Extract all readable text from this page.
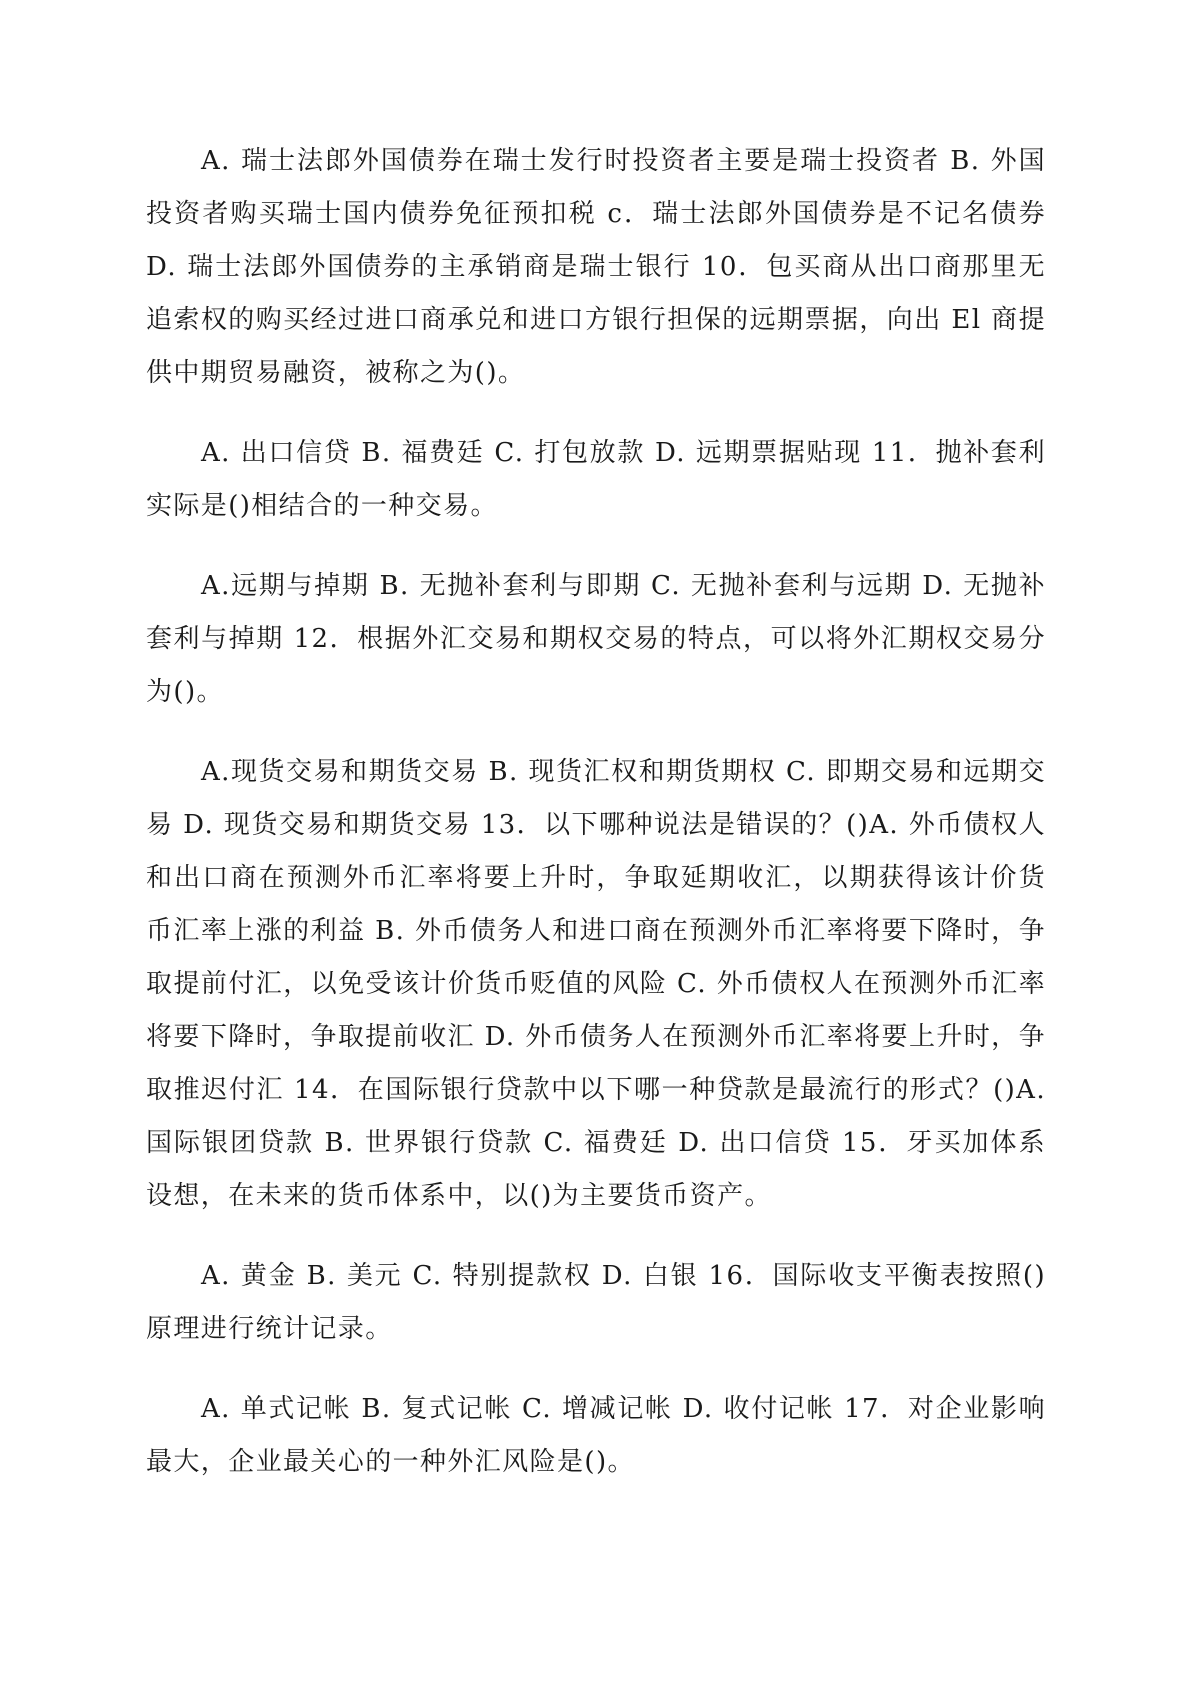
A. 瑞士法郎外国债券在瑞士发行时投资者主要是瑞士投资者 B. 外国投资者购买瑞士国内债券免征预扣税 c．瑞士法郎外国债券是不记名债券 D. 瑞士法郎外国债券的主承销商是瑞士银行 10．包买商从出口商那里无追索权的购买经过进口商承兑和进口方银行担保的远期票据，向出 El 商提供中期贸易融资，被称之为()。

A. 出口信贷 B. 福费廷 C. 打包放款 D. 远期票据贴现 11．抛补套利实际是()相结合的一种交易。

A.远期与掉期 B. 无抛补套利与即期 C. 无抛补套利与远期 D. 无抛补套利与掉期 12．根据外汇交易和期权交易的特点，可以将外汇期权交易分为()。

A.现货交易和期货交易 B. 现货汇权和期货期权 C. 即期交易和远期交易 D. 现货交易和期货交易 13．以下哪种说法是错误的？()A. 外币债权人和出口商在预测外币汇率将要上升时，争取延期收汇，以期获得该计价货币汇率上涨的利益 B. 外币债务人和进口商在预测外币汇率将要下降时，争取提前付汇，以免受该计价货币贬值的风险 C. 外币债权人在预测外币汇率将要下降时，争取提前收汇 D. 外币债务人在预测外币汇率将要上升时，争取推迟付汇 14．在国际银行贷款中以下哪一种贷款是最流行的形式？()A. 国际银团贷款 B. 世界银行贷款 C. 福费廷 D. 出口信贷 15．牙买加体系设想，在未来的货币体系中，以()为主要货币资产。

A. 黄金 B. 美元 C. 特别提款权 D. 白银 16．国际收支平衡表按照()原理进行统计记录。

A. 单式记帐 B. 复式记帐 C. 增减记帐 D. 收付记帐 17．对企业影响最大，企业最关心的一种外汇风险是()。
